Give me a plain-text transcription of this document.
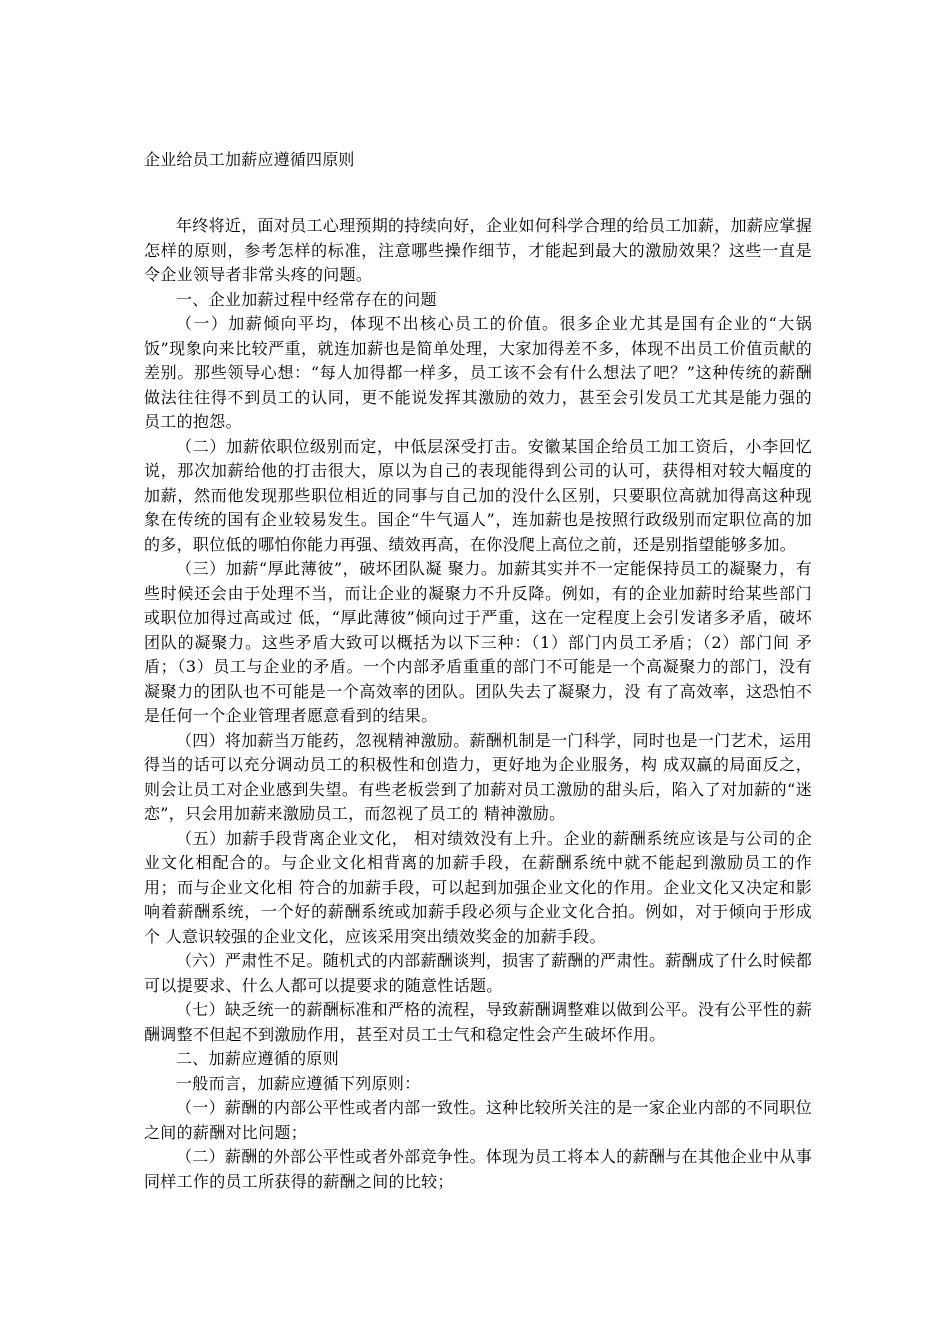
企业给员工加薪应遵循四原则

年终将近，面对员工心理预期的持续向好，企业如何科学合理的给员工加薪，加薪应掌握怎样的原则，参考怎样的标准，注意哪些操作细节，才能起到最大的激励效果？这些一直是令企业领导者非常头疼的问题。

一、企业加薪过程中经常存在的问题

（一）加薪倾向平均，体现不出核心员工的价值。很多企业尤其是国有企业的“大锅饭”现象向来比较严重，就连加薪也是简单处理，大家加得差不多，体现不出员工价值贡献的差别。那些领导心想：“每人加得都一样多，员工该不会有什么想法了吧？”这种传统的薪酬做法往往得不到员工的认同，更不能说发挥其激励的效力，甚至会引发员工尤其是能力强的员工的抱怨。

（二）加薪依职位级别而定，中低层深受打击。安徽某国企给员工加工资后，小李回忆说，那次加薪给他的打击很大，原以为自己的表现能得到公司的认可，获得相对较大幅度的加薪，然而他发现那些职位相近的同事与自己加的没什么区别，只要职位高就加得高这种现象在传统的国有企业较易发生。国企“牛气逼人”，连加薪也是按照行政级别而定职位高的加的多，职位低的哪怕你能力再强、绩效再高，在你没爬上高位之前，还是别指望能够多加。

（三）加薪“厚此薄彼”，破坏团队凝 聚力。加薪其实并不一定能保持员工的凝聚力，有些时候还会由于处理不当，而让企业的凝聚力不升反降。例如，有的企业加薪时给某些部门或职位加得过高或过 低，“厚此薄彼”倾向过于严重，这在一定程度上会引发诸多矛盾，破坏团队的凝聚力。这些矛盾大致可以概括为以下三种：（1）部门内员工矛盾；（2）部门间 矛盾；（3）员工与企业的矛盾。一个内部矛盾重重的部门不可能是一个高凝聚力的部门，没有凝聚力的团队也不可能是一个高效率的团队。团队失去了凝聚力，没 有了高效率，这恐怕不是任何一个企业管理者愿意看到的结果。

（四）将加薪当万能药，忽视精神激励。薪酬机制是一门科学，同时也是一门艺术，运用得当的话可以充分调动员工的积极性和创造力，更好地为企业服务，构 成双赢的局面反之，则会让员工对企业感到失望。有些老板尝到了加薪对员工激励的甜头后，陷入了对加薪的“迷恋”，只会用加薪来激励员工，而忽视了员工的 精神激励。

（五）加薪手段背离企业文化， 相对绩效没有上升。企业的薪酬系统应该是与公司的企业文化相配合的。与企业文化相背离的加薪手段，在薪酬系统中就不能起到激励员工的作用；而与企业文化相 符合的加薪手段，可以起到加强企业文化的作用。企业文化又决定和影响着薪酬系统，一个好的薪酬系统或加薪手段必须与企业文化合拍。例如，对于倾向于形成个 人意识较强的企业文化，应该采用突出绩效奖金的加薪手段。

（六）严肃性不足。随机式的内部薪酬谈判，损害了薪酬的严肃性。薪酬成了什么时候都可以提要求、什么人都可以提要求的随意性话题。

（七）缺乏统一的薪酬标准和严格的流程，导致薪酬调整难以做到公平。没有公平性的薪酬调整不但起不到激励作用，甚至对员工士气和稳定性会产生破坏作用。

二、加薪应遵循的原则

一般而言，加薪应遵循下列原则：

（一）薪酬的内部公平性或者内部一致性。这种比较所关注的是一家企业内部的不同职位之间的薪酬对比问题；

（二）薪酬的外部公平性或者外部竞争性。体现为员工将本人的薪酬与在其他企业中从事同样工作的员工所获得的薪酬之间的比较；
